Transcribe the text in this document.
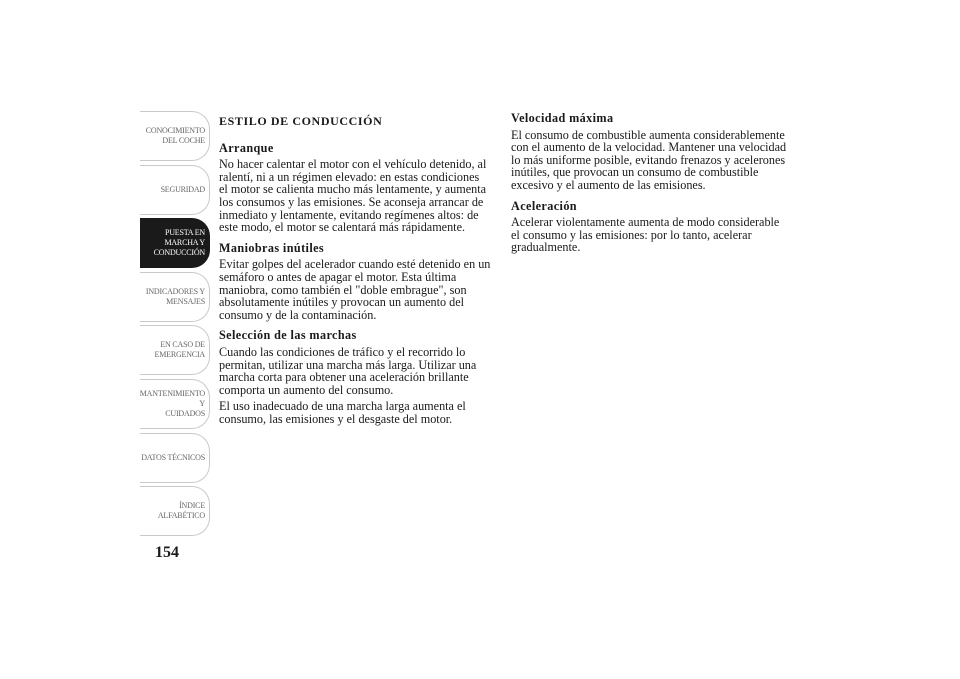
CONOCIMIENTO
DEL COCHE
SEGURIDAD
PUESTA EN
MARCHA Y
CONDUCCIÓN
INDICADORES Y
MENSAJES
EN CASO DE
EMERGENCIA
MANTENIMIENTO Y
CUIDADOS
DATOS TÉCNICOS
ÍNDICE
ALFABÉTICO
154
ESTILO DE CONDUCCIÓN
Arranque

No hacer calentar el motor con el vehículo detenido, al ralentí, ni a un régimen elevado: en estas condiciones el motor se calienta mucho más lentamente, y aumenta los consumos y las emisiones. Se aconseja arrancar de inmediato y lentamente, evitando regímenes altos: de este modo, el motor se calentará más rápidamente.

Maniobras inútiles

Evitar golpes del acelerador cuando esté detenido en un semáforo o antes de apagar el motor. Esta última maniobra, como también el "doble embrague", son absolutamente inútiles y provocan un aumento del consumo y de la contaminación.

Selección de las marchas

Cuando las condiciones de tráfico y el recorrido lo permitan, utilizar una marcha más larga. Utilizar una marcha corta para obtener una aceleración brillante comporta un aumento del consumo.

El uso inadecuado de una marcha larga aumenta el consumo, las emisiones y el desgaste del motor.

Velocidad máxima

El consumo de combustible aumenta considerablemente con el aumento de la velocidad. Mantener una velocidad lo más uniforme posible, evitando frenazos y acelerones inútiles, que provocan un consumo de combustible excesivo y el aumento de las emisiones.

Aceleración

Acelerar violentamente aumenta de modo considerable el consumo y las emisiones: por lo tanto, acelerar gradualmente.
